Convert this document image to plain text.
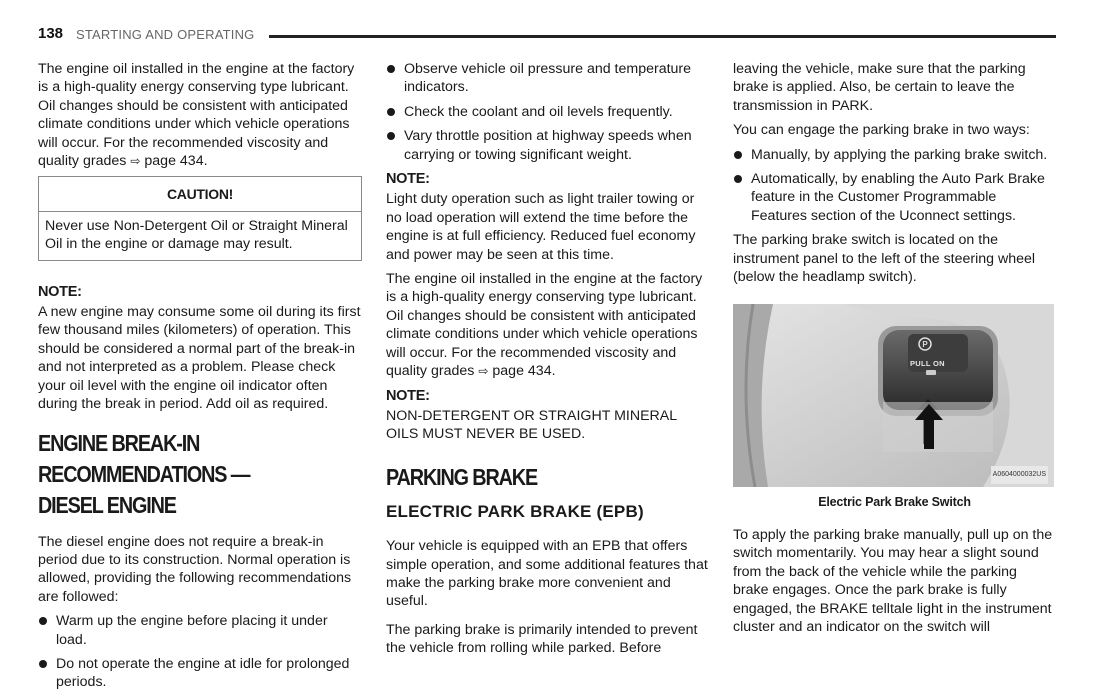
138 STARTING AND OPERATING

The engine oil installed in the engine at the factory is a high-quality energy conserving type lubricant. Oil changes should be consistent with anticipated climate conditions under which vehicle operations will occur. For the recommended viscosity and quality grades ⇨ page 434.

CAUTION!
Never use Non-Detergent Oil or Straight Mineral Oil in the engine or damage may result.
NOTE:

A new engine may consume some oil during its first few thousand miles (kilometers) of operation. This should be considered a normal part of the break-in and not interpreted as a problem. Please check your oil level with the engine oil indicator often during the break in period. Add oil as required.

ENGINE BREAK-IN RECOMMENDATIONS —
DIESEL ENGINE

The diesel engine does not require a break-in period due to its construction. Normal operation is allowed, providing the following recommendations are followed:

Warm up the engine before placing it under load.
Do not operate the engine at idle for prolonged periods.
Observe vehicle oil pressure and temperature indicators.
Check the coolant and oil levels frequently.
Vary throttle position at highway speeds when carrying or towing significant weight.
NOTE:

Light duty operation such as light trailer towing or no load operation will extend the time before the engine is at full efficiency. Reduced fuel economy and power may be seen at this time.

The engine oil installed in the engine at the factory is a high-quality energy conserving type lubricant. Oil changes should be consistent with anticipated climate conditions under which vehicle operations will occur. For the recommended viscosity and quality grades ⇨ page 434.

NOTE:

NON-DETERGENT OR STRAIGHT MINERAL OILS MUST NEVER BE USED.

PARKING BRAKE
ELECTRIC PARK BRAKE (EPB)

Your vehicle is equipped with an EPB that offers simple operation, and some additional features that make the parking brake more convenient and useful.

The parking brake is primarily intended to prevent the vehicle from rolling while parked. Before

leaving the vehicle, make sure that the parking brake is applied. Also, be certain to leave the transmission in PARK.

You can engage the parking brake in two ways:

Manually, by applying the parking brake switch.
Automatically, by enabling the Auto Park Brake feature in the Customer Programmable Features section of the Uconnect settings.

The parking brake switch is located on the instrument panel to the left of the steering wheel (below the headlamp switch).

P
PULL ON
A0604000032US
Electric Park Brake Switch

To apply the parking brake manually, pull up on the switch momentarily. You may hear a slight sound from the back of the vehicle while the parking brake engages. Once the park brake is fully engaged, the BRAKE telltale light in the instrument cluster and an indicator on the switch will
